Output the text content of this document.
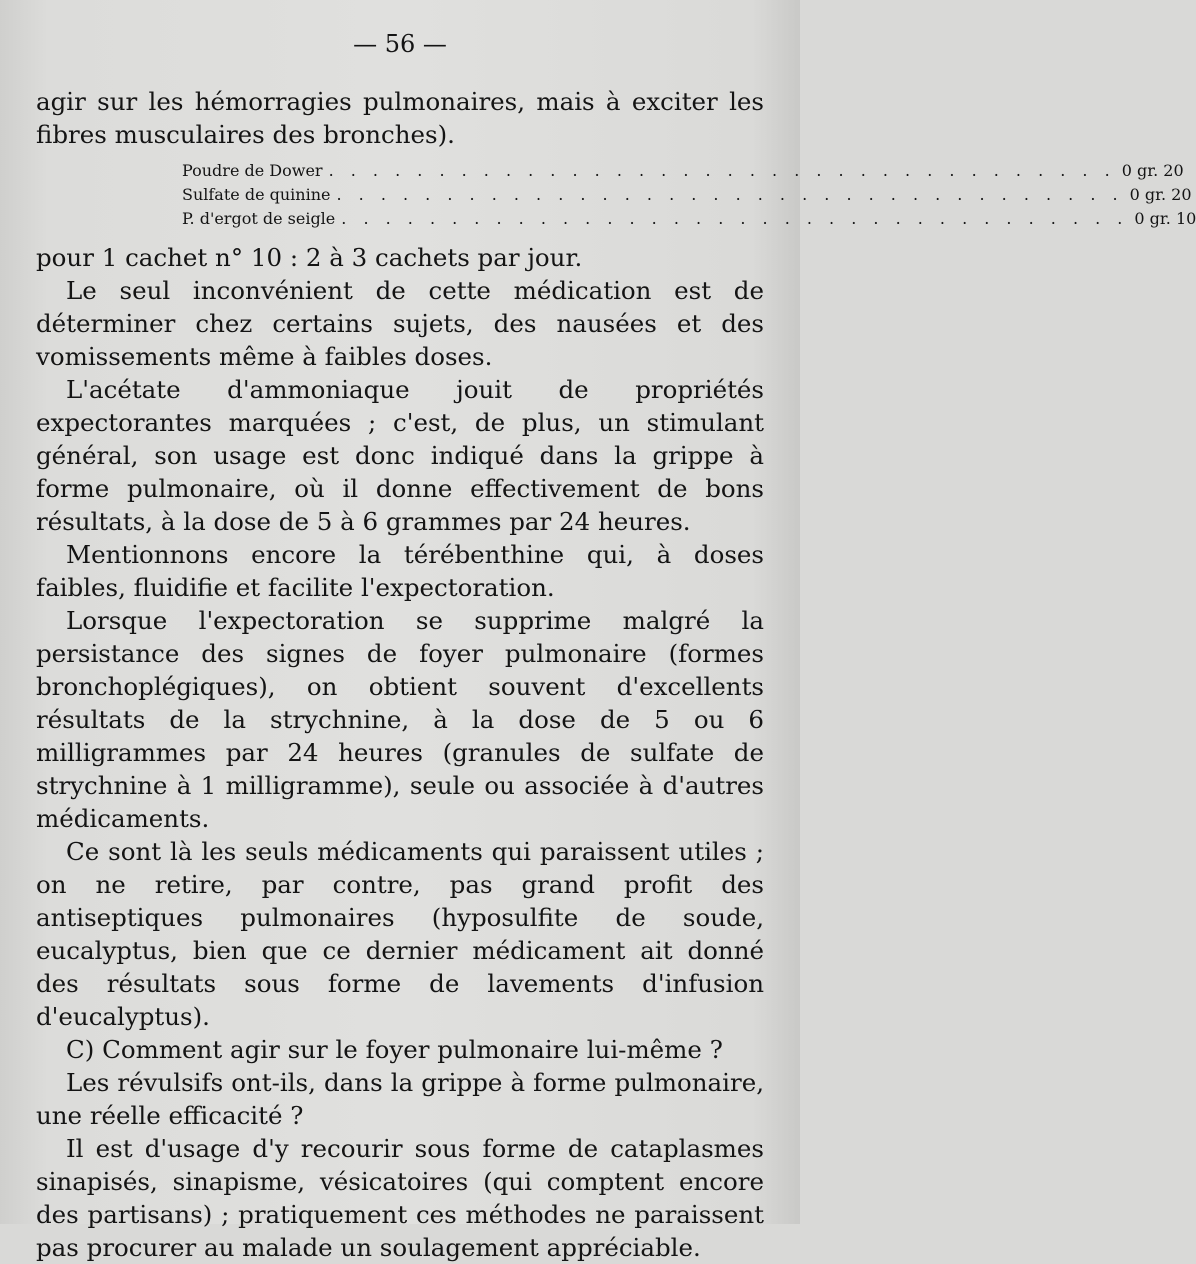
— 56 —

agir sur les hémorragies pulmonaires, mais à exciter les fibres musculaires des bronches).

Poudre de Dower . . .	0 gr. 20
Sulfate de quinine . . .	0 gr. 20
P. d'ergot de seigle . . .	0 gr. 10

pour 1 cachet n° 10 : 2 à 3 cachets par jour.

Le seul inconvénient de cette médication est de déterminer chez certains sujets, des nausées et des vomissements même à faibles doses.

L'acétate d'ammoniaque jouit de propriétés expectorantes marquées ; c'est, de plus, un stimulant général, son usage est donc indiqué dans la grippe à forme pulmonaire, où il donne effectivement de bons résultats, à la dose de 5 à 6 grammes par 24 heures.

Mentionnons encore la térébenthine qui, à doses faibles, fluidifie et facilite l'expectoration.

Lorsque l'expectoration se supprime malgré la persistance des signes de foyer pulmonaire (formes bronchoplégiques), on obtient souvent d'excellents résultats de la strychnine, à la dose de 5 ou 6 milligrammes par 24 heures (granules de sulfate de strychnine à 1 milligramme), seule ou associée à d'autres médicaments.

Ce sont là les seuls médicaments qui paraissent utiles ; on ne retire, par contre, pas grand profit des antiseptiques pulmonaires (hyposulfite de soude, eucalyptus, bien que ce dernier médicament ait donné des résultats sous forme de lavements d'infusion d'eucalyptus).

C) Comment agir sur le foyer pulmonaire lui-même ?

Les révulsifs ont-ils, dans la grippe à forme pulmonaire, une réelle efficacité ?

Il est d'usage d'y recourir sous forme de cataplasmes sinapisés, sinapisme, vésicatoires (qui comptent encore des partisans) ; pratiquement ces méthodes ne paraissent pas procurer au malade un soulagement appréciable.
